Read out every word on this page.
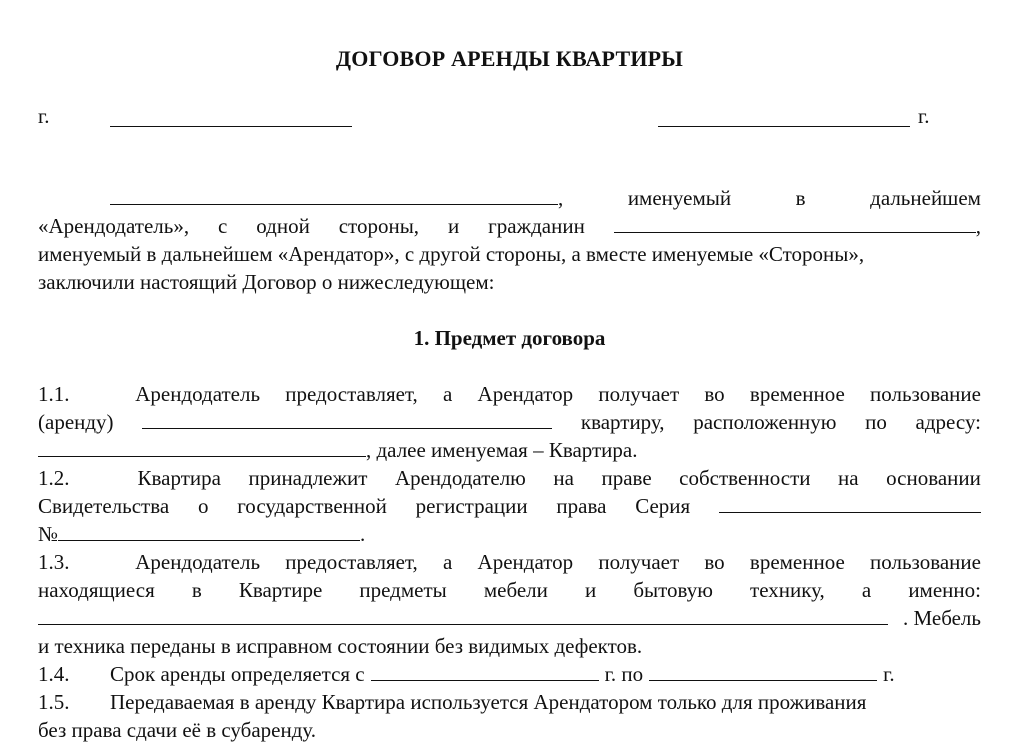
ДОГОВОР АРЕНДЫ КВАРТИРЫ
г.	г.
,	именуемый	в	дальнейшем
«Арендодатель», с одной стороны, и гражданин	,
именуемый в дальнейшем «Арендатор», с другой стороны, а вместе именуемые «Стороны»,
заключили настоящий Договор о нижеследующем:
1. Предмет договора
1.1.	Арендодатель предоставляет, а Арендатор получает во временное пользование
(аренду)	квартиру, расположенную по адресу:
, далее именуемая – Квартира.
1.2.	Квартира принадлежит Арендодателю на праве собственности на основании
Свидетельства о государственной регистрации права Серия
№	.
1.3.	Арендодатель предоставляет, а Арендатор получает во временное пользование
находящиеся в Квартире предметы мебели и бытовую технику, а именно:
. Мебель
и техника переданы в исправном состоянии без видимых дефектов.
1.4. Срок аренды определяется с	г. по	г.
1.5. Передаваемая в аренду Квартира используется Арендатором только для проживания
без права сдачи её в субаренду.
